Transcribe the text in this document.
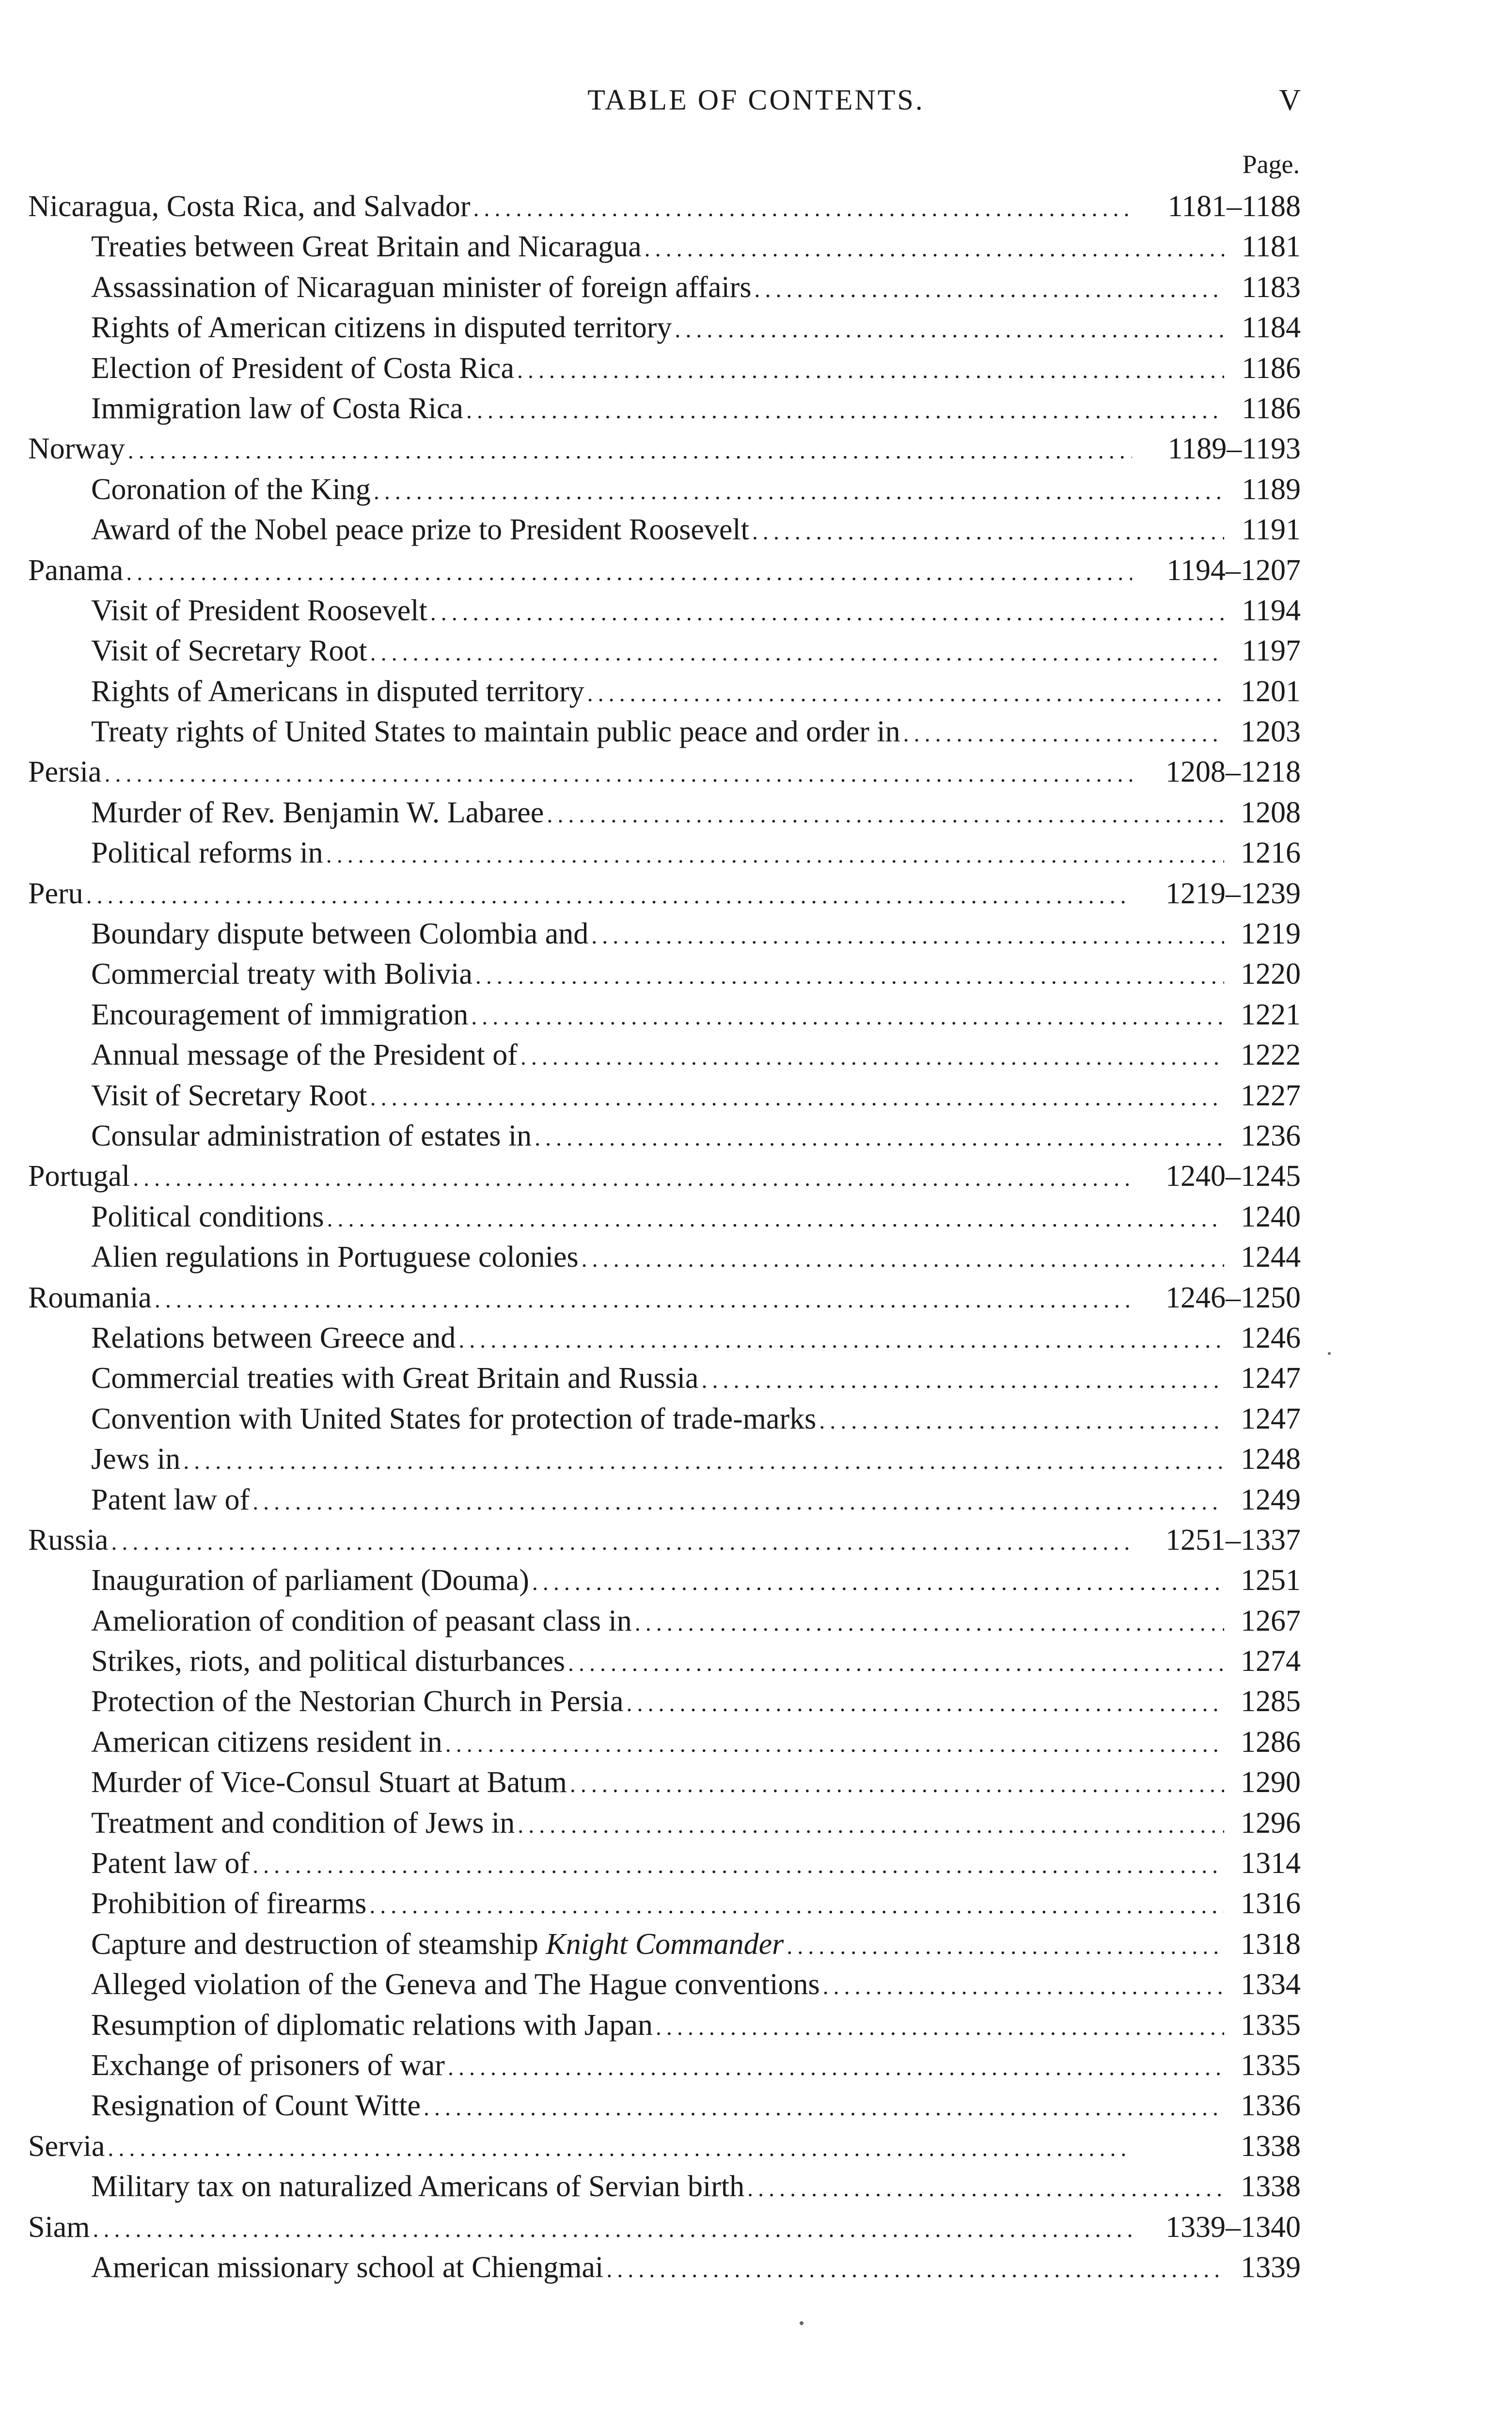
TABLE OF CONTENTS.	V
Page.
Nicaragua, Costa Rica, and Salvador .....	1181–1188
Treaties between Great Britain and Nicaragua .....	1181
Assassination of Nicaraguan minister of foreign affairs .....	1183
Rights of American citizens in disputed territory .....	1184
Election of President of Costa Rica .....	1186
Immigration law of Costa Rica .....	1186
Norway .....	1189–1193
Coronation of the King .....	1189
Award of the Nobel peace prize to President Roosevelt .....	1191
Panama .....	1194–1207
Visit of President Roosevelt .....	1194
Visit of Secretary Root .....	1197
Rights of Americans in disputed territory .....	1201
Treaty rights of United States to maintain public peace and order in .....	1203
Persia .....	1208–1218
Murder of Rev. Benjamin W. Labaree .....	1208
Political reforms in .....	1216
Peru .....	1219–1239
Boundary dispute between Colombia and .....	1219
Commercial treaty with Bolivia .....	1220
Encouragement of immigration .....	1221
Annual message of the President of .....	1222
Visit of Secretary Root .....	1227
Consular administration of estates in .....	1236
Portugal .....	1240–1245
Political conditions .....	1240
Alien regulations in Portuguese colonies .....	1244
Roumania .....	1246–1250
Relations between Greece and .....	1246
Commercial treaties with Great Britain and Russia .....	1247
Convention with United States for protection of trade-marks .....	1247
Jews in .....	1248
Patent law of .....	1249
Russia .....	1251–1337
Inauguration of parliament (Douma) .....	1251
Amelioration of condition of peasant class in .....	1267
Strikes, riots, and political disturbances .....	1274
Protection of the Nestorian Church in Persia .....	1285
American citizens resident in .....	1286
Murder of Vice-Consul Stuart at Batum .....	1290
Treatment and condition of Jews in .....	1296
Patent law of .....	1314
Prohibition of firearms .....	1316
Capture and destruction of steamship Knight Commander .....	1318
Alleged violation of the Geneva and The Hague conventions .....	1334
Resumption of diplomatic relations with Japan .....	1335
Exchange of prisoners of war .....	1335
Resignation of Count Witte .....	1336
Servia .....	1338
Military tax on naturalized Americans of Servian birth .....	1338
Siam .....	1339–1340
American missionary school at Chiengmai .....	1339
